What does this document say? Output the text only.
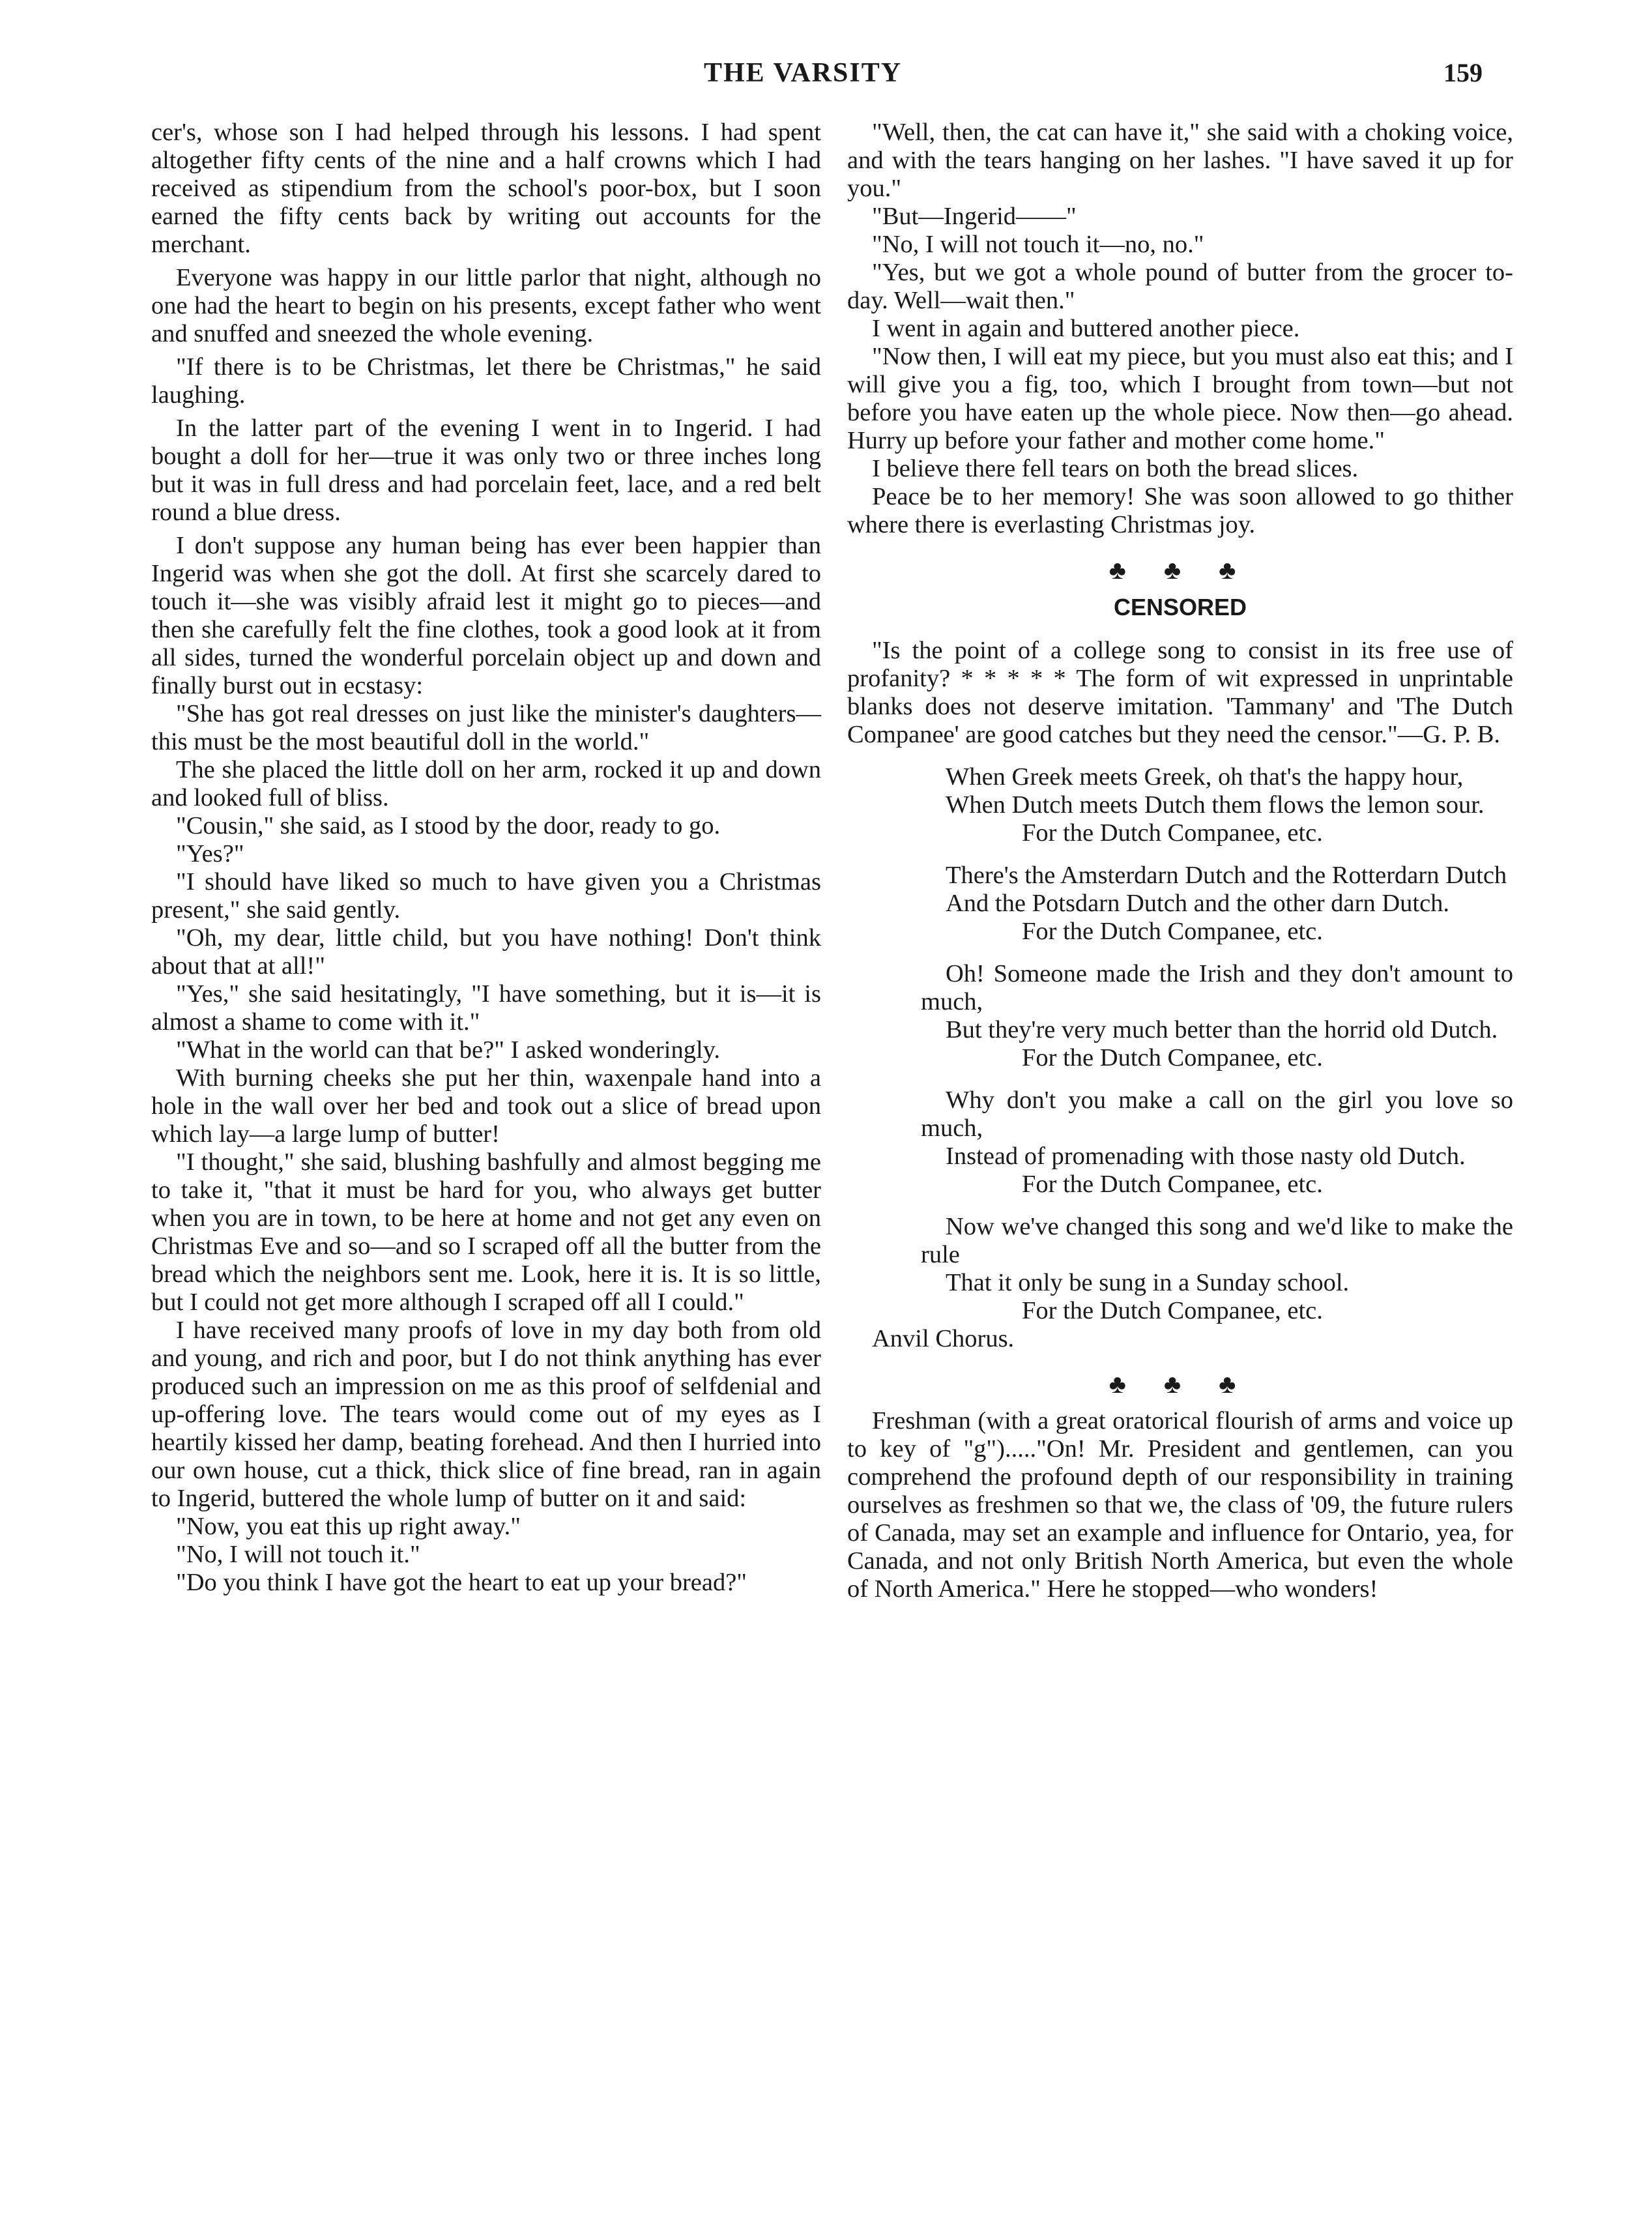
THE VARSITY	159

cer's, whose son I had helped through his lessons. I had spent altogether fifty cents of the nine and a half crowns which I had received as stipendium from the school's poor-box, but I soon earned the fifty cents back by writing out accounts for the merchant.

Everyone was happy in our little parlor that night, although no one had the heart to begin on his presents, except father who went and snuffed and sneezed the whole evening.

"If there is to be Christmas, let there be Christmas," he said laughing.

In the latter part of the evening I went in to Ingerid. I had bought a doll for her—true it was only two or three inches long but it was in full dress and had porcelain feet, lace, and a red belt round a blue dress.

I don't suppose any human being has ever been happier than Ingerid was when she got the doll. At first she scarcely dared to touch it—she was visibly afraid lest it might go to pieces—and then she carefully felt the fine clothes, took a good look at it from all sides, turned the wonderful porcelain object up and down and finally burst out in ecstasy:

"She has got real dresses on just like the minister's daughters—this must be the most beautiful doll in the world."

The she placed the little doll on her arm, rocked it up and down and looked full of bliss.

"Cousin," she said, as I stood by the door, ready to go.

"Yes?"

"I should have liked so much to have given you a Christmas present," she said gently.

"Oh, my dear, little child, but you have nothing! Don't think about that at all!"

"Yes," she said hesitatingly, "I have something, but it is—it is almost a shame to come with it."

"What in the world can that be?" I asked wonderingly.

With burning cheeks she put her thin, waxenpale hand into a hole in the wall over her bed and took out a slice of bread upon which lay—a large lump of butter!

"I thought," she said, blushing bashfully and almost begging me to take it, "that it must be hard for you, who always get butter when you are in town, to be here at home and not get any even on Christmas Eve and so—and so I scraped off all the butter from the bread which the neighbors sent me. Look, here it is. It is so little, but I could not get more although I scraped off all I could."

I have received many proofs of love in my day both from old and young, and rich and poor, but I do not think anything has ever produced such an impression on me as this proof of selfdenial and up-offering love. The tears would come out of my eyes as I heartily kissed her damp, beating forehead. And then I hurried into our own house, cut a thick, thick slice of fine bread, ran in again to Ingerid, buttered the whole lump of butter on it and said:

"Now, you eat this up right away."

"No, I will not touch it."

"Do you think I have got the heart to eat up your bread?"

"Well, then, the cat can have it," she said with a choking voice, and with the tears hanging on her lashes. "I have saved it up for you."

"But—Ingerid——"

"No, I will not touch it—no, no."

"Yes, but we got a whole pound of butter from the grocer to-day. Well—wait then."

I went in again and buttered another piece.

"Now then, I will eat my piece, but you must also eat this; and I will give you a fig, too, which I brought from town—but not before you have eaten up the whole piece. Now then—go ahead. Hurry up before your father and mother come home."

I believe there fell tears on both the bread slices.

Peace be to her memory! She was soon allowed to go thither where there is everlasting Christmas joy.

♣ ♣ ♣
CENSORED

"Is the point of a college song to consist in its free use of profanity? * * * * * The form of wit expressed in unprintable blanks does not deserve imitation. 'Tammany' and 'The Dutch Companee' are good catches but they need the censor."—G. P. B.

When Greek meets Greek, oh that's the happy hour,

When Dutch meets Dutch them flows the lemon sour.

For the Dutch Companee, etc.

There's the Amsterdarn Dutch and the Rotterdarn Dutch

And the Potsdarn Dutch and the other darn Dutch.

For the Dutch Companee, etc.

Oh! Someone made the Irish and they don't amount to much,

But they're very much better than the horrid old Dutch.

For the Dutch Companee, etc.

Why don't you make a call on the girl you love so much,

Instead of promenading with those nasty old Dutch.

For the Dutch Companee, etc.

Now we've changed this song and we'd like to make the rule

That it only be sung in a Sunday school.

For the Dutch Companee, etc.

Anvil Chorus.

♣ ♣ ♣

Freshman (with a great oratorical flourish of arms and voice up to key of "g")....."On! Mr. President and gentlemen, can you comprehend the profound depth of our responsibility in training ourselves as freshmen so that we, the class of '09, the future rulers of Canada, may set an example and influence for Ontario, yea, for Canada, and not only British North America, but even the whole of North America." Here he stopped—who wonders!
